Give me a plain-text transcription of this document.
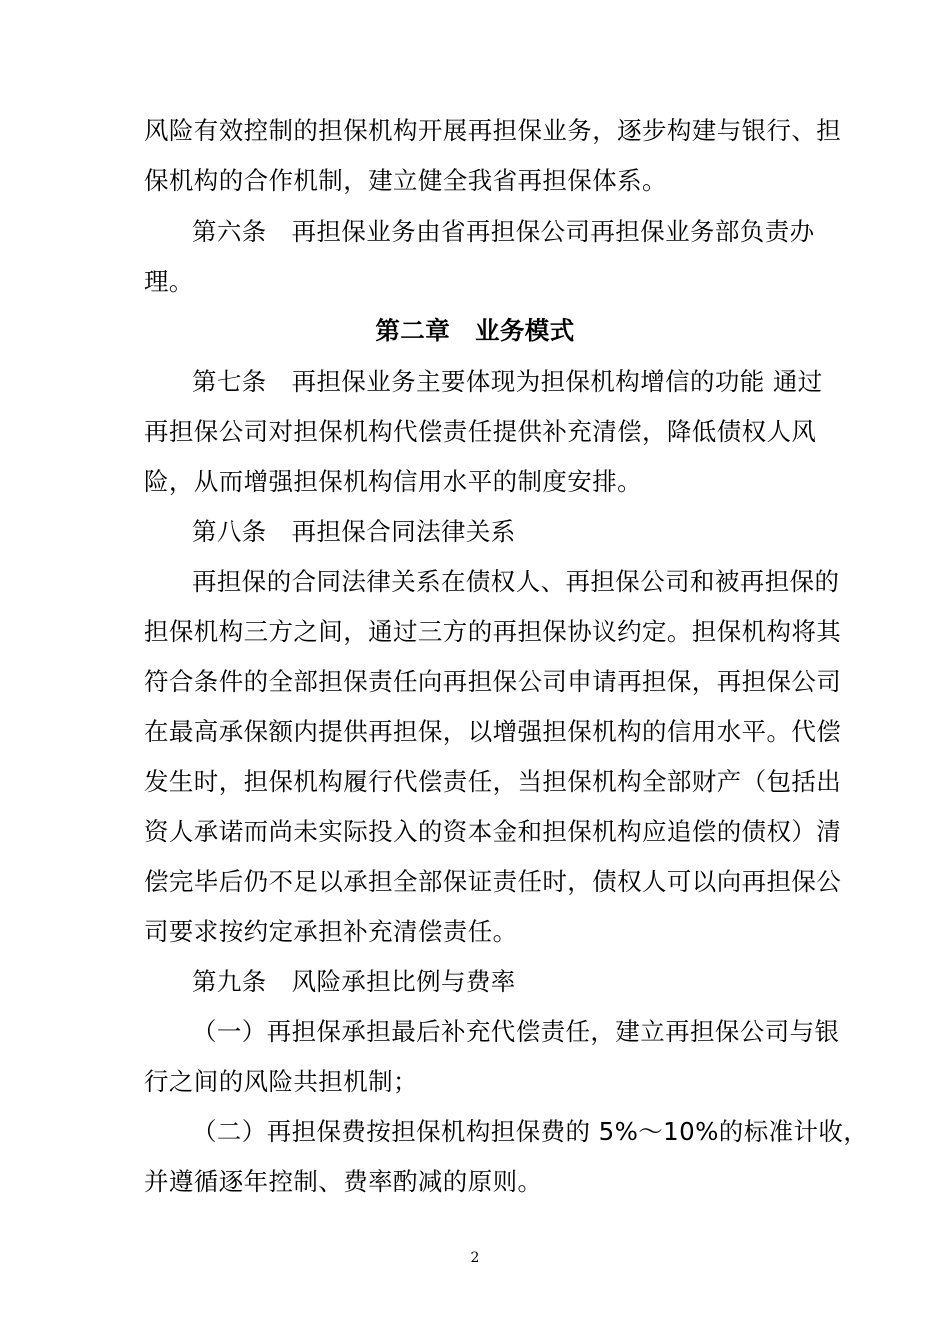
风险有效控制的担保机构开展再担保业务，逐步构建与银行、担
保机构的合作机制，建立健全我省再担保体系。
第六条　再担保业务由省再担保公司再担保业务部负责办
理。
第二章　业务模式
第七条　再担保业务主要体现为担保机构增信的功能 通过
再担保公司对担保机构代偿责任提供补充清偿，降低债权人风
险，从而增强担保机构信用水平的制度安排。
第八条　再担保合同法律关系
再担保的合同法律关系在债权人、再担保公司和被再担保的
担保机构三方之间，通过三方的再担保协议约定。担保机构将其
符合条件的全部担保责任向再担保公司申请再担保，再担保公司
在最高承保额内提供再担保，以增强担保机构的信用水平。代偿
发生时，担保机构履行代偿责任，当担保机构全部财产（包括出
资人承诺而尚未实际投入的资本金和担保机构应追偿的债权）清
偿完毕后仍不足以承担全部保证责任时，债权人可以向再担保公
司要求按约定承担补充清偿责任。
第九条　风险承担比例与费率
（一）再担保承担最后补充代偿责任，建立再担保公司与银
行之间的风险共担机制；
（二）再担保费按担保机构担保费的 5%～10%的标准计收，
并遵循逐年控制、费率酌减的原则。
2
